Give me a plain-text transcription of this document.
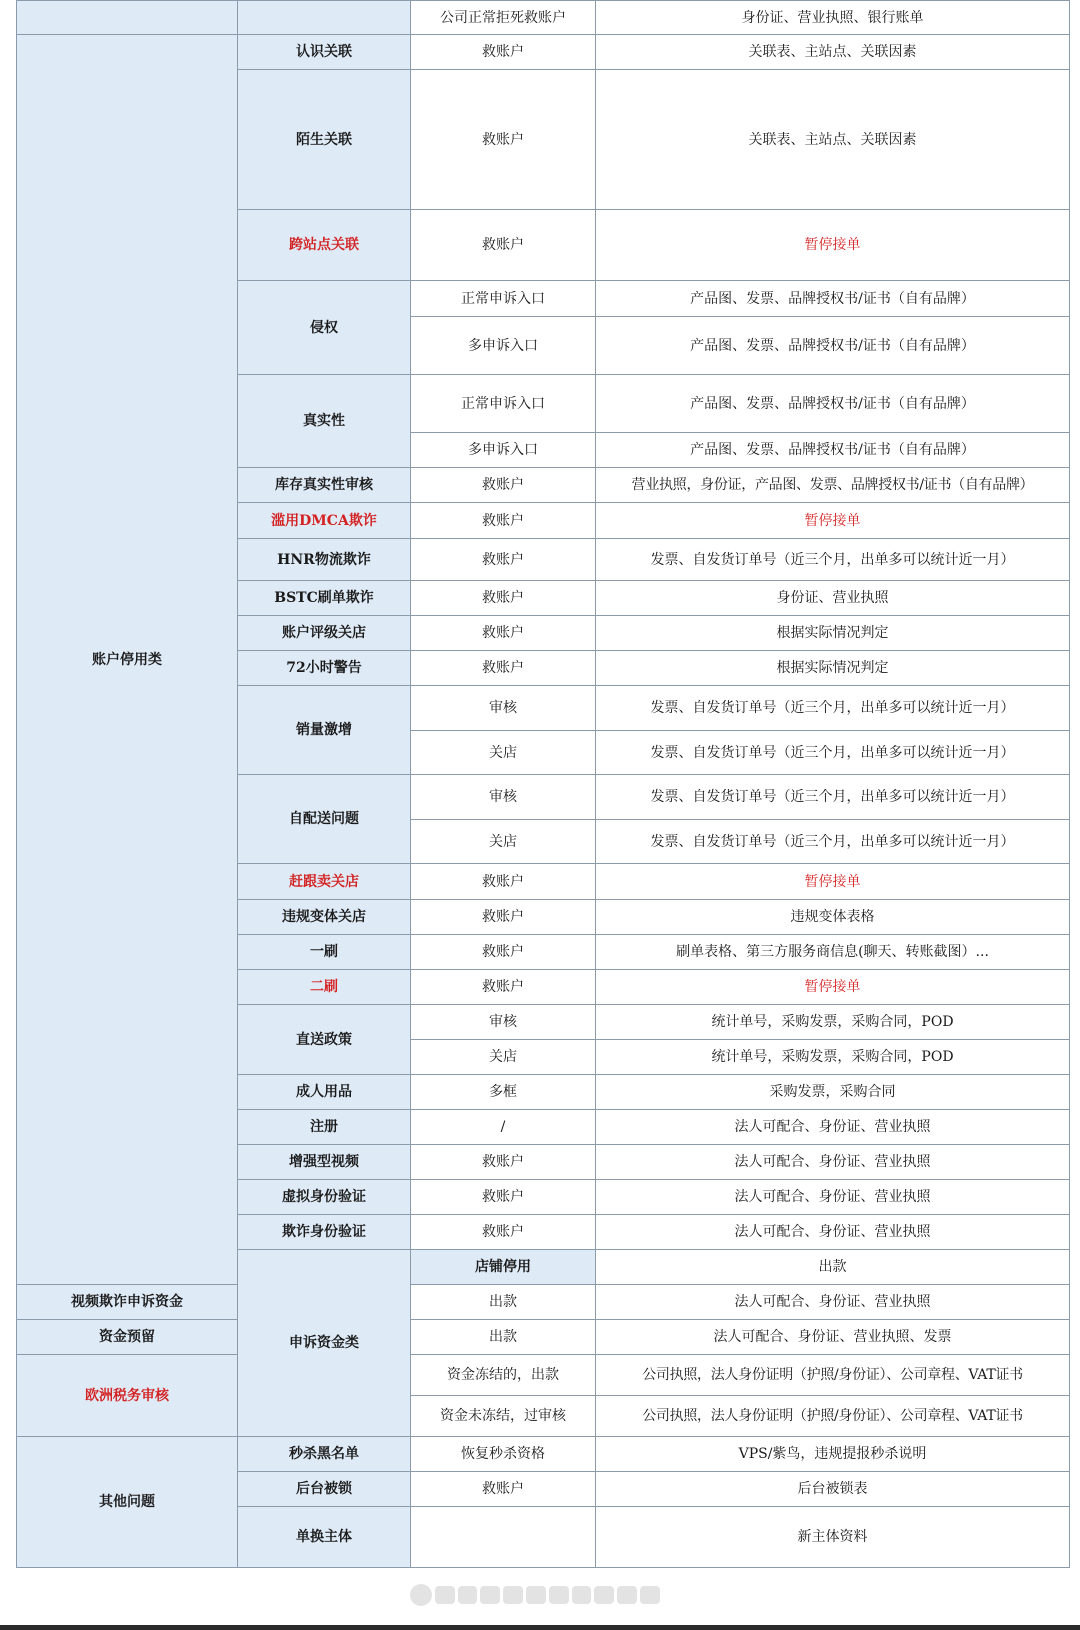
		公司正常拒死救账户	身份证、营业执照、银行账单	
账户停用类	认识关联	救账户	关联表、主站点、关联因素	
	陌生关联	救账户	关联表、主站点、关联因素	
	跨站点关联	救账户	暂停接单	
	侵权	正常申诉入口	产品图、发票、品牌授权书/证书（自有品牌）	
		多申诉入口	产品图、发票、品牌授权书/证书（自有品牌）	
	真实性	正常申诉入口	产品图、发票、品牌授权书/证书（自有品牌）	
		多申诉入口	产品图、发票、品牌授权书/证书（自有品牌）	
	库存真实性审核	救账户	营业执照，身份证，产品图、发票、品牌授权书/证书（自有品牌）	
	滥用DMCA欺诈	救账户	暂停接单	
	HNR物流欺诈	救账户	发票、自发货订单号（近三个月，出单多可以统计近一月）	
	BSTC刷单欺诈	救账户	身份证、营业执照	
	账户评级关店	救账户	根据实际情况判定	
	72小时警告	救账户	根据实际情况判定	
	销量激增	审核	发票、自发货订单号（近三个月，出单多可以统计近一月）	
		关店	发票、自发货订单号（近三个月，出单多可以统计近一月）	
	自配送问题	审核	发票、自发货订单号（近三个月，出单多可以统计近一月）	
		关店	发票、自发货订单号（近三个月，出单多可以统计近一月）	
	赶跟卖关店	救账户	暂停接单	
	违规变体关店	救账户	违规变体表格	
	一刷	救账户	刷单表格、第三方服务商信息(聊天、转账截图）...	
	二刷	救账户	暂停接单	
	直送政策	审核	统计单号，采购发票，采购合同，POD	
		关店	统计单号，采购发票，采购合同，POD	
	成人用品	多框	采购发票，采购合同	
	注册	/	法人可配合、身份证、营业执照	
	增强型视频	救账户	法人可配合、身份证、营业执照	
	虚拟身份验证	救账户	法人可配合、身份证、营业执照	
	欺诈身份验证	救账户	法人可配合、身份证、营业执照	
	申诉资金类	店铺停用	出款	
视频欺诈申诉资金		出款	法人可配合、身份证、营业执照	
资金预留		出款	法人可配合、身份证、营业执照、发票	
欧洲税务审核		资金冻结的，出款	公司执照，法人身份证明（护照/身份证）、公司章程、VAT证书	
		资金未冻结，过审核	公司执照，法人身份证明（护照/身份证）、公司章程、VAT证书	
其他问题	秒杀黑名单	恢复秒杀资格	VPS/紫鸟，违规提报秒杀说明	
	后台被锁	救账户	后台被锁表	
	单换主体		新主体资料	
